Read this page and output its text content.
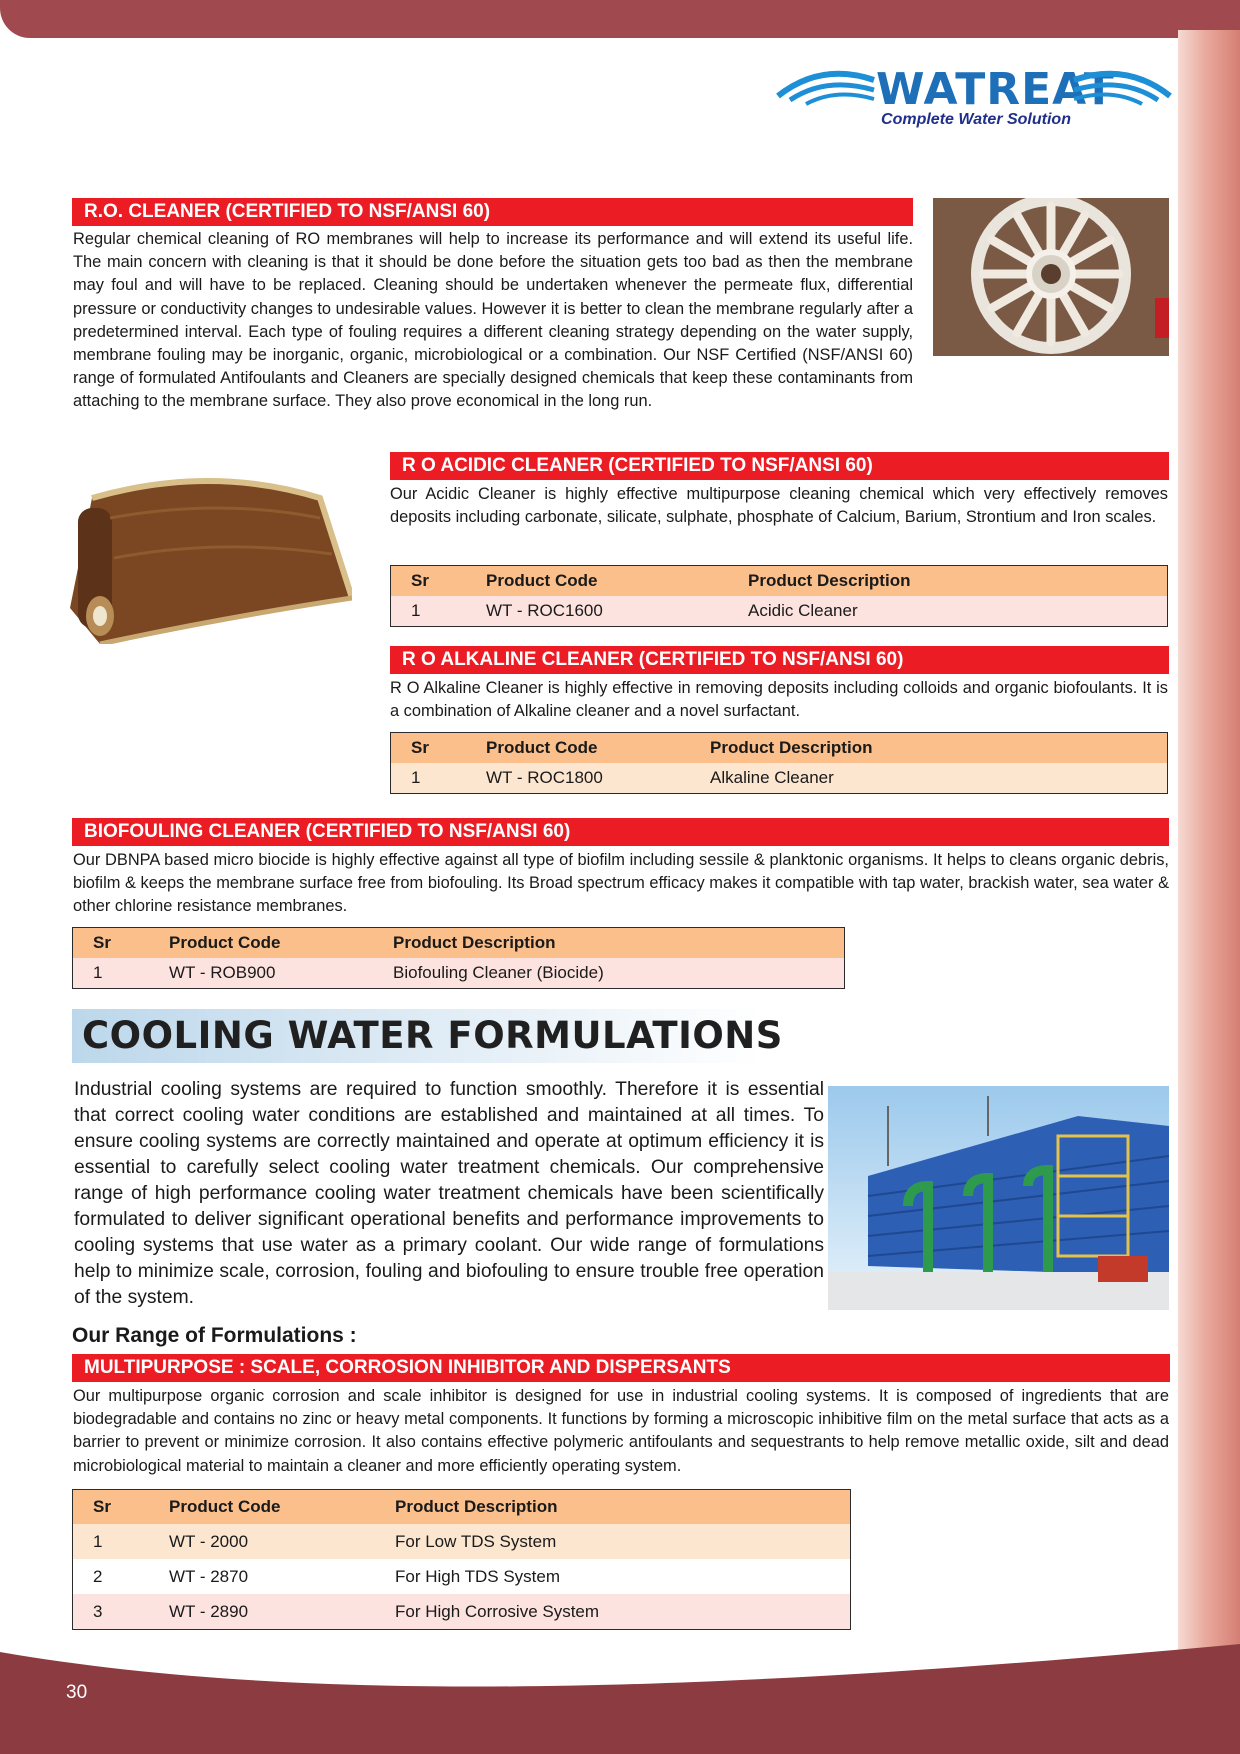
30
WATREAT
Complete Water Solution
R.O. CLEANER (CERTIFIED TO NSF/ANSI 60)

Regular chemical cleaning of RO membranes will help to increase its performance and will extend its useful life. The main concern with cleaning is that it should be done before the situation gets too bad as then the membrane may foul and will have to be replaced. Cleaning should be undertaken whenever the permeate flux, differential pressure or conductivity changes to undesirable values. However it is better to clean the membrane regularly after a predetermined interval. Each type of fouling requires a different cleaning strategy depending on the water supply, membrane fouling may be inorganic, organic, microbiological or a combination. Our NSF Certified (NSF/ANSI 60) range of formulated Antifoulants and Cleaners are specially designed chemicals that keep these contaminants from attaching to the membrane surface. They also prove economical in the long run.

R O ACIDIC CLEANER (CERTIFIED TO NSF/ANSI 60)

Our Acidic Cleaner is highly effective multipurpose cleaning chemical which very effectively removes deposits including carbonate, silicate, sulphate, phosphate of Calcium, Barium, Strontium and Iron scales.

Sr	Product Code	Product Description
1	WT - ROC1600	Acidic Cleaner
R O ALKALINE CLEANER (CERTIFIED TO NSF/ANSI 60)

R O Alkaline Cleaner is highly effective in removing deposits including colloids and organic biofoulants. It is a combination of Alkaline cleaner and a novel surfactant.

Sr	Product Code	Product Description
1	WT - ROC1800	Alkaline Cleaner
BIOFOULING CLEANER (CERTIFIED TO NSF/ANSI 60)

Our DBNPA based micro biocide is highly effective against all type of biofilm including sessile & planktonic organisms. It helps to cleans organic debris, biofilm & keeps the membrane surface free from biofouling. Its Broad spectrum efficacy makes it compatible with tap water, brackish water, sea water & other chlorine resistance membranes.

Sr	Product Code	Product Description
1	WT - ROB900	Biofouling Cleaner (Biocide)
COOLING WATER FORMULATIONS

Industrial cooling systems are required to function smoothly. Therefore it is essential that correct cooling water conditions are established and maintained at all times. To ensure cooling systems are correctly maintained and operate at optimum efficiency it is essential to carefully select cooling water treatment chemicals. Our comprehensive range of high performance cooling water treatment chemicals have been scientifically formulated to deliver significant operational benefits and performance improvements to cooling systems that use water as a primary coolant. Our wide range of formulations help to minimize scale, corrosion, fouling and biofouling to ensure trouble free operation of the system.

Our Range of Formulations :
MULTIPURPOSE : SCALE, CORROSION INHIBITOR AND DISPERSANTS

Our multipurpose organic corrosion and scale inhibitor is designed for use in industrial cooling systems. It is composed of ingredients that are biodegradable and contains no zinc or heavy metal components. It functions by forming a microscopic inhibitive film on the metal surface that acts as a barrier to prevent or minimize corrosion. It also contains effective polymeric antifoulants and sequestrants to help remove metallic oxide, silt and dead microbiological material to maintain a cleaner and more efficiently operating system.

Sr	Product Code	Product Description
1	WT - 2000	For Low TDS System
2	WT - 2870	For High TDS System
3	WT - 2890	For High Corrosive System
